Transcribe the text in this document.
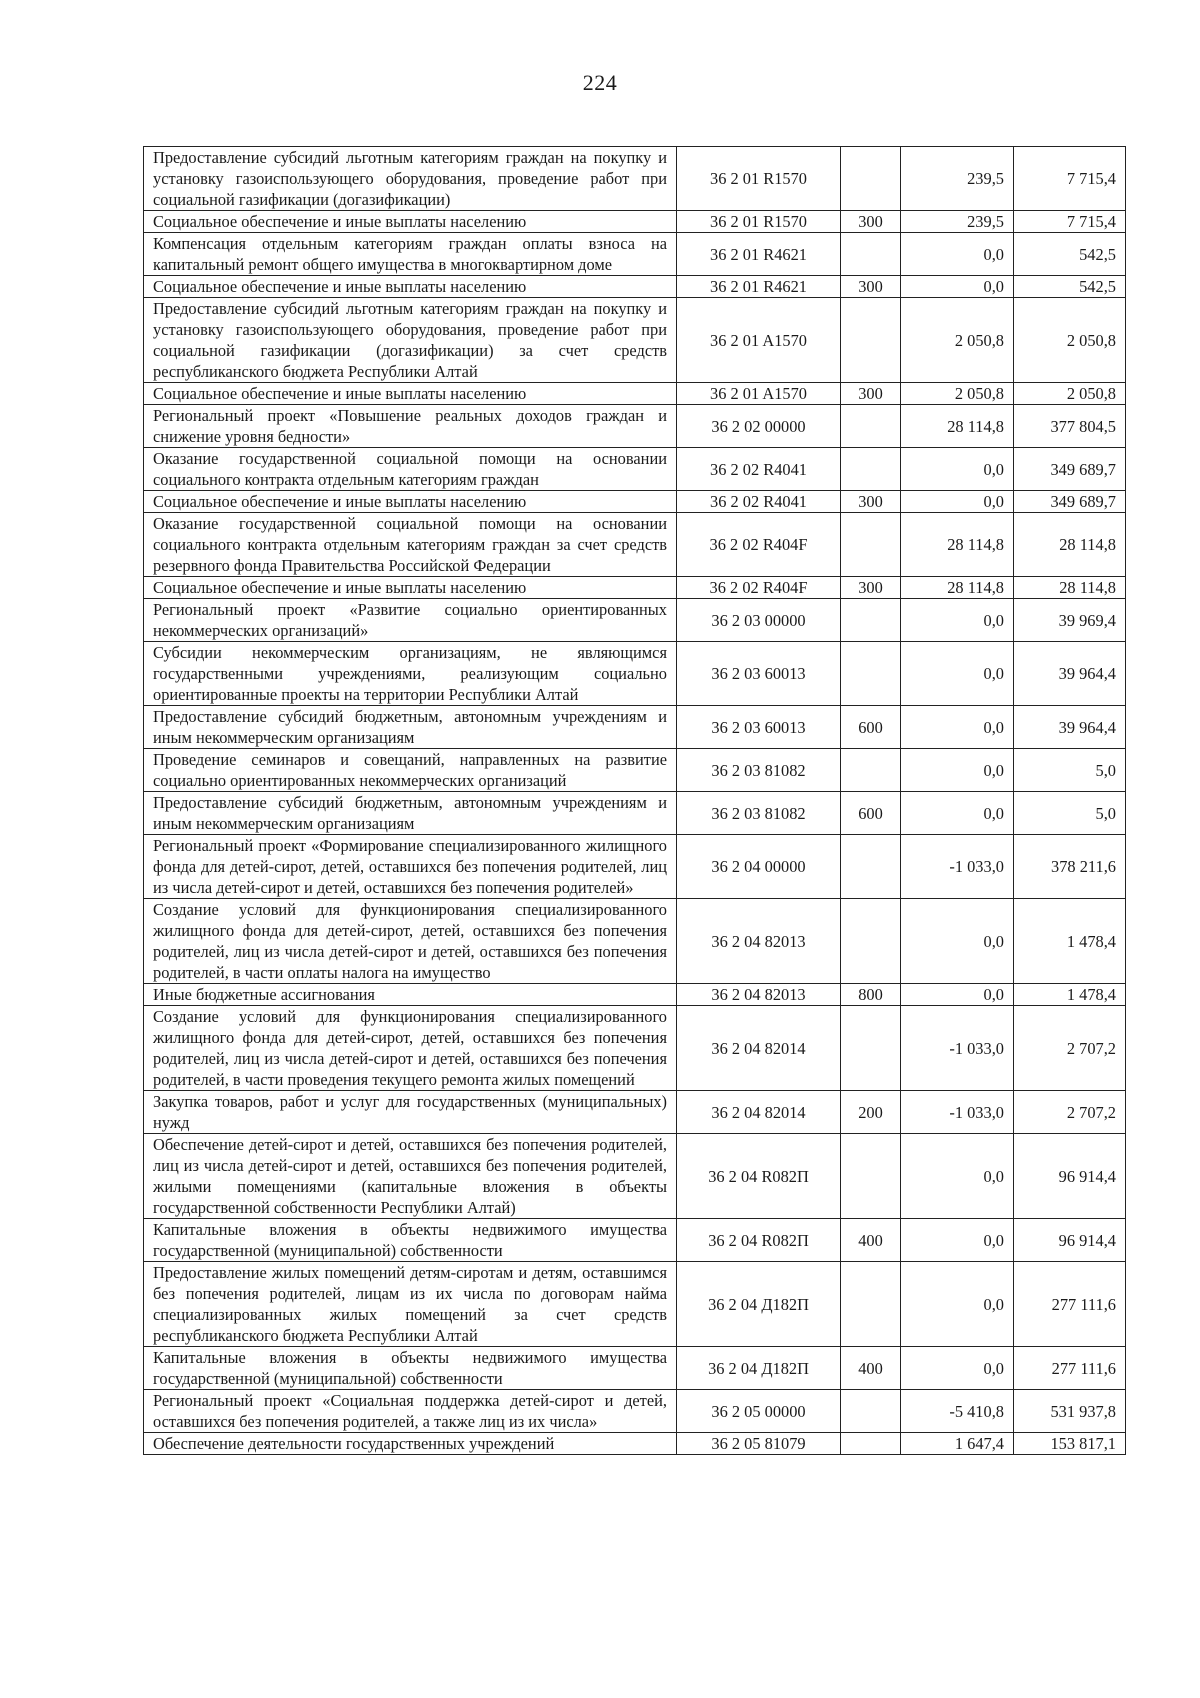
224
Предоставление субсидий льготным категориям граждан на покупку и установку газоиспользующего оборудования, проведение работ при социальной газификации (догазификации)	36 2 01 R1570		239,5	7 715,4
Социальное обеспечение и иные выплаты населению	36 2 01 R1570	300	239,5	7 715,4
Компенсация отдельным категориям граждан оплаты взноса на капитальный ремонт общего имущества в многоквартирном доме	36 2 01 R4621		0,0	542,5
Социальное обеспечение и иные выплаты населению	36 2 01 R4621	300	0,0	542,5
Предоставление субсидий льготным категориям граждан на покупку и установку газоиспользующего оборудования, проведение работ при социальной газификации (догазификации) за счет средств республиканского бюджета Республики Алтай	36 2 01 A1570		2 050,8	2 050,8
Социальное обеспечение и иные выплаты населению	36 2 01 A1570	300	2 050,8	2 050,8
Региональный проект «Повышение реальных доходов граждан и снижение уровня бедности»	36 2 02 00000		28 114,8	377 804,5
Оказание государственной социальной помощи на основании социального контракта отдельным категориям граждан	36 2 02 R4041		0,0	349 689,7
Социальное обеспечение и иные выплаты населению	36 2 02 R4041	300	0,0	349 689,7
Оказание государственной социальной помощи на основании социального контракта отдельным категориям граждан за счет средств резервного фонда Правительства Российской Федерации	36 2 02 R404F		28 114,8	28 114,8
Социальное обеспечение и иные выплаты населению	36 2 02 R404F	300	28 114,8	28 114,8
Региональный проект «Развитие социально ориентированных некоммерческих организаций»	36 2 03 00000		0,0	39 969,4
Субсидии некоммерческим организациям, не являющимся государственными учреждениями, реализующим социально ориентированные проекты на территории Республики Алтай	36 2 03 60013		0,0	39 964,4
Предоставление субсидий бюджетным, автономным учреждениям и иным некоммерческим организациям	36 2 03 60013	600	0,0	39 964,4
Проведение семинаров и совещаний, направленных на развитие социально ориентированных некоммерческих организаций	36 2 03 81082		0,0	5,0
Предоставление субсидий бюджетным, автономным учреждениям и иным некоммерческим организациям	36 2 03 81082	600	0,0	5,0
Региональный проект «Формирование специализированного жилищного фонда для детей-сирот, детей, оставшихся без попечения родителей, лиц из числа детей-сирот и детей, оставшихся без попечения родителей»	36 2 04 00000		-1 033,0	378 211,6
Создание условий для функционирования специализированного жилищного фонда для детей-сирот, детей, оставшихся без попечения родителей, лиц из числа детей-сирот и детей, оставшихся без попечения родителей, в части оплаты налога на имущество	36 2 04 82013		0,0	1 478,4
Иные бюджетные ассигнования	36 2 04 82013	800	0,0	1 478,4
Создание условий для функционирования специализированного жилищного фонда для детей-сирот, детей, оставшихся без попечения родителей, лиц из числа детей-сирот и детей, оставшихся без попечения родителей, в части проведения текущего ремонта жилых помещений	36 2 04 82014		-1 033,0	2 707,2
Закупка товаров, работ и услуг для государственных (муниципальных) нужд	36 2 04 82014	200	-1 033,0	2 707,2
Обеспечение детей-сирот и детей, оставшихся без попечения родителей, лиц из числа детей-сирот и детей, оставшихся без попечения родителей, жилыми помещениями (капитальные вложения в объекты государственной собственности Республики Алтай)	36 2 04 R082П		0,0	96 914,4
Капитальные вложения в объекты недвижимого имущества государственной (муниципальной) собственности	36 2 04 R082П	400	0,0	96 914,4
Предоставление жилых помещений детям-сиротам и детям, оставшимся без попечения родителей, лицам из их числа по договорам найма специализированных жилых помещений за счет средств республиканского бюджета Республики Алтай	36 2 04 Д182П		0,0	277 111,6
Капитальные вложения в объекты недвижимого имущества государственной (муниципальной) собственности	36 2 04 Д182П	400	0,0	277 111,6
Региональный проект «Социальная поддержка детей-сирот и детей, оставшихся без попечения родителей, а также лиц из их числа»	36 2 05 00000		-5 410,8	531 937,8
Обеспечение деятельности государственных учреждений	36 2 05 81079		1 647,4	153 817,1
